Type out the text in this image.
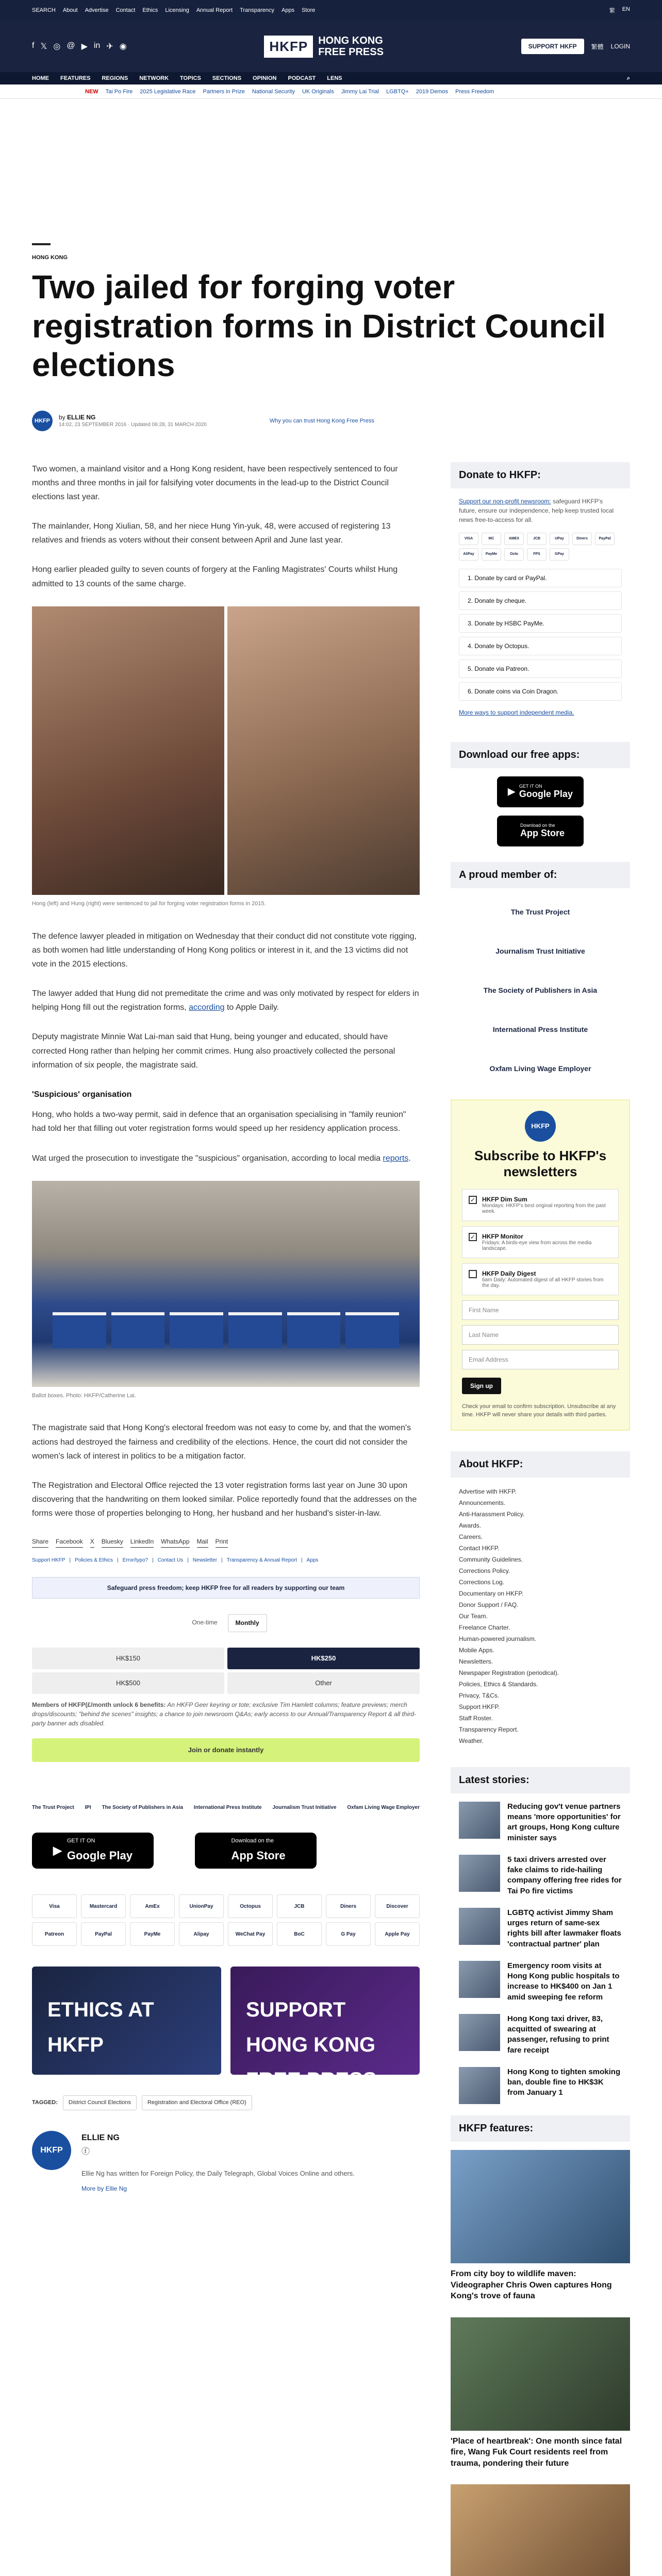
SEARCH About Advertise Contact Ethics Licensing Annual Report Transparency Apps Store	繁 EN
f 𝕏 ◎ @ ▶ in ✈ ◉	HKFP	HONG KONG
FREE PRESS	SUPPORT HKFP	繁體 LOGIN
HOME FEATURES REGIONS NETWORK TOPICS SECTIONS OPINION PODCAST LENS	⌕
NEW Tai Po Fire 2025 Legislative Race Partners in Prize National Security UK Originals Jimmy Lai Trial LGBTQ+ 2019 Demos Press Freedom
HONG KONG
Two jailed for forging voter registration forms in District Council elections
HKFP	by ELLIE NG
14:02, 23 SEPTEMBER 2016 · Updated 06:28, 31 MARCH 2020
Why you can trust Hong Kong Free Press

Two women, a mainland visitor and a Hong Kong resident, have been respectively sentenced to four months and three months in jail for falsifying voter documents in the lead-up to the District Council elections last year.

The mainlander, Hong Xiulian, 58, and her niece Hung Yin-yuk, 48, were accused of registering 13 relatives and friends as voters without their consent between April and June last year.

Hong earlier pleaded guilty to seven counts of forgery at the Fanling Magistrates' Courts whilst Hung admitted to 13 counts of the same charge.

Hong (left) and Hung (right) were sentenced to jail for forging voter registration forms in 2015.

The defence lawyer pleaded in mitigation on Wednesday that their conduct did not constitute vote rigging, as both women had little understanding of Hong Kong politics or interest in it, and the 13 victims did not vote in the 2015 elections.

The lawyer added that Hung did not premeditate the crime and was only motivated by respect for elders in helping Hong fill out the registration forms, according to Apple Daily.

Deputy magistrate Minnie Wat Lai-man said that Hung, being younger and educated, should have corrected Hong rather than helping her commit crimes. Hung also proactively collected the personal information of six people, the magistrate said.

'Suspicious' organisation

Hong, who holds a two-way permit, said in defence that an organisation specialising in "family reunion" had told her that filling out voter registration forms would speed up her residency application process.

Wat urged the prosecution to investigate the "suspicious" organisation, according to local media reports.

Ballot boxes. Photo: HKFP/Catherine Lai.

The magistrate said that Hong Kong's electoral freedom was not easy to come by, and that the women's actions had destroyed the fairness and credibility of the elections. Hence, the court did not consider the women's lack of interest in politics to be a mitigation factor.

The Registration and Electoral Office rejected the 13 voter registration forms last year on June 30 upon discovering that the handwriting on them looked similar. Police reportedly found that the addresses on the forms were those of properties belonging to Hong, her husband and her husband's sister-in-law.

Share Facebook X Bluesky LinkedIn WhatsApp Mail Print
Support HKFP | Policies & Ethics | Error/typo? | Contact Us | Newsletter | Transparency & Annual Report | Apps
Safeguard press freedom; keep HKFP free for all readers by supporting our team
One-time	Monthly
HK$150	HK$250
HK$500	Other
Members of HKFP(£/month unlock 6 benefits: An HKFP Geer keyring or tote; exclusive Tim Hamlett columns; feature previews; merch drops/discounts; "behind the scenes" insights; a chance to join newsroom Q&As; early access to our Annual/Transparency Report & all third-party banner ads disabled.
Join or donate instantly
The Trust Project IPI The Society of Publishers in Asia International Press Institute Journalism Trust Initiative Oxfam Living Wage Employer
▶
GET IT ON
Google Play
Download on the
App Store
Visa	Mastercard	AmEx	UnionPay	Octopus	JCB	Diners	Discover
Patreon	PayPal	PayMe	Alipay	WeChat Pay	BoC	G Pay	Apple Pay
ETHICS AT HKFP
SUPPORT HONG KONG FREE PRESS
TAGGED:	District Council Elections	Registration and Electoral Office (REO)
HKFP
ELLIE NG
ⓕ
Ellie Ng has written for Foreign Policy, the Daily Telegraph, Global Voices Online and others.
More by Ellie Ng
Donate to HKFP:
Support our non-profit newsroom: safeguard HKFP's future, ensure our independence, help keep trusted local news free-to-access for all.
VISA	MC	AMEX	JCB	UPay	Diners	PayPal
AliPay	PayMe	Octo	FPS	GPay
1. Donate by card or PayPal.
2. Donate by cheque.
3. Donate by HSBC PayMe.
4. Donate by Octopus.
5. Donate via Patreon.
6. Donate coins via Coin Dragon.
More ways to support independent media.
Download our free apps:
▶ GET IT ON
Google Play
Download on the
App Store
A proud member of:
The Trust Project
Journalism Trust Initiative
The Society of Publishers in Asia
International Press Institute
Oxfam Living Wage Employer
HKFP
Subscribe to HKFP's newsletters
✓ HKFP Dim Sum
Mondays: HKFP's best original reporting from the past week.
✓ HKFP Monitor
Fridays: A birds-eye view from across the media landscape.
HKFP Daily Digest
6am Daily: Automated digest of all HKFP stories from the day.
First Name
Last Name
Email Address
Sign up
Check your email to confirm subscription. Unsubscribe at any time. HKFP will never share your details with third parties.
About HKFP:
Advertise with HKFP.
Announcements.
Anti-Harassment Policy.
Awards.
Careers.
Contact HKFP.
Community Guidelines.
Corrections Policy.
Corrections Log.
Documentary on HKFP.
Donor Support / FAQ.
Our Team.
Freelance Charter.
Human-powered journalism.
Mobile Apps.
Newsletters.
Newspaper Registration (periodical).
Policies, Ethics & Standards.
Privacy, T&Cs.
Support HKFP.
Staff Roster.
Transparency Report.
Weather.
Latest stories:
Reducing gov't venue partners means 'more opportunities' for art groups, Hong Kong culture minister says
5 taxi drivers arrested over fake claims to ride-hailing company offering free rides for Tai Po fire victims
LGBTQ activist Jimmy Sham urges return of same-sex rights bill after lawmaker floats 'contractual partner' plan
Emergency room visits at Hong Kong public hospitals to increase to HK$400 on Jan 1 amid sweeping fee reform
Hong Kong taxi driver, 83, acquitted of swearing at passenger, refusing to print fare receipt
Hong Kong to tighten smoking ban, double fine to HK$3K from January 1
HKFP features:
From city boy to wildlife maven: Videographer Chris Owen captures Hong Kong's trove of fauna
'Place of heartbreak': One month since fatal fire, Wang Fuk Court residents reel from trauma, pondering their future
